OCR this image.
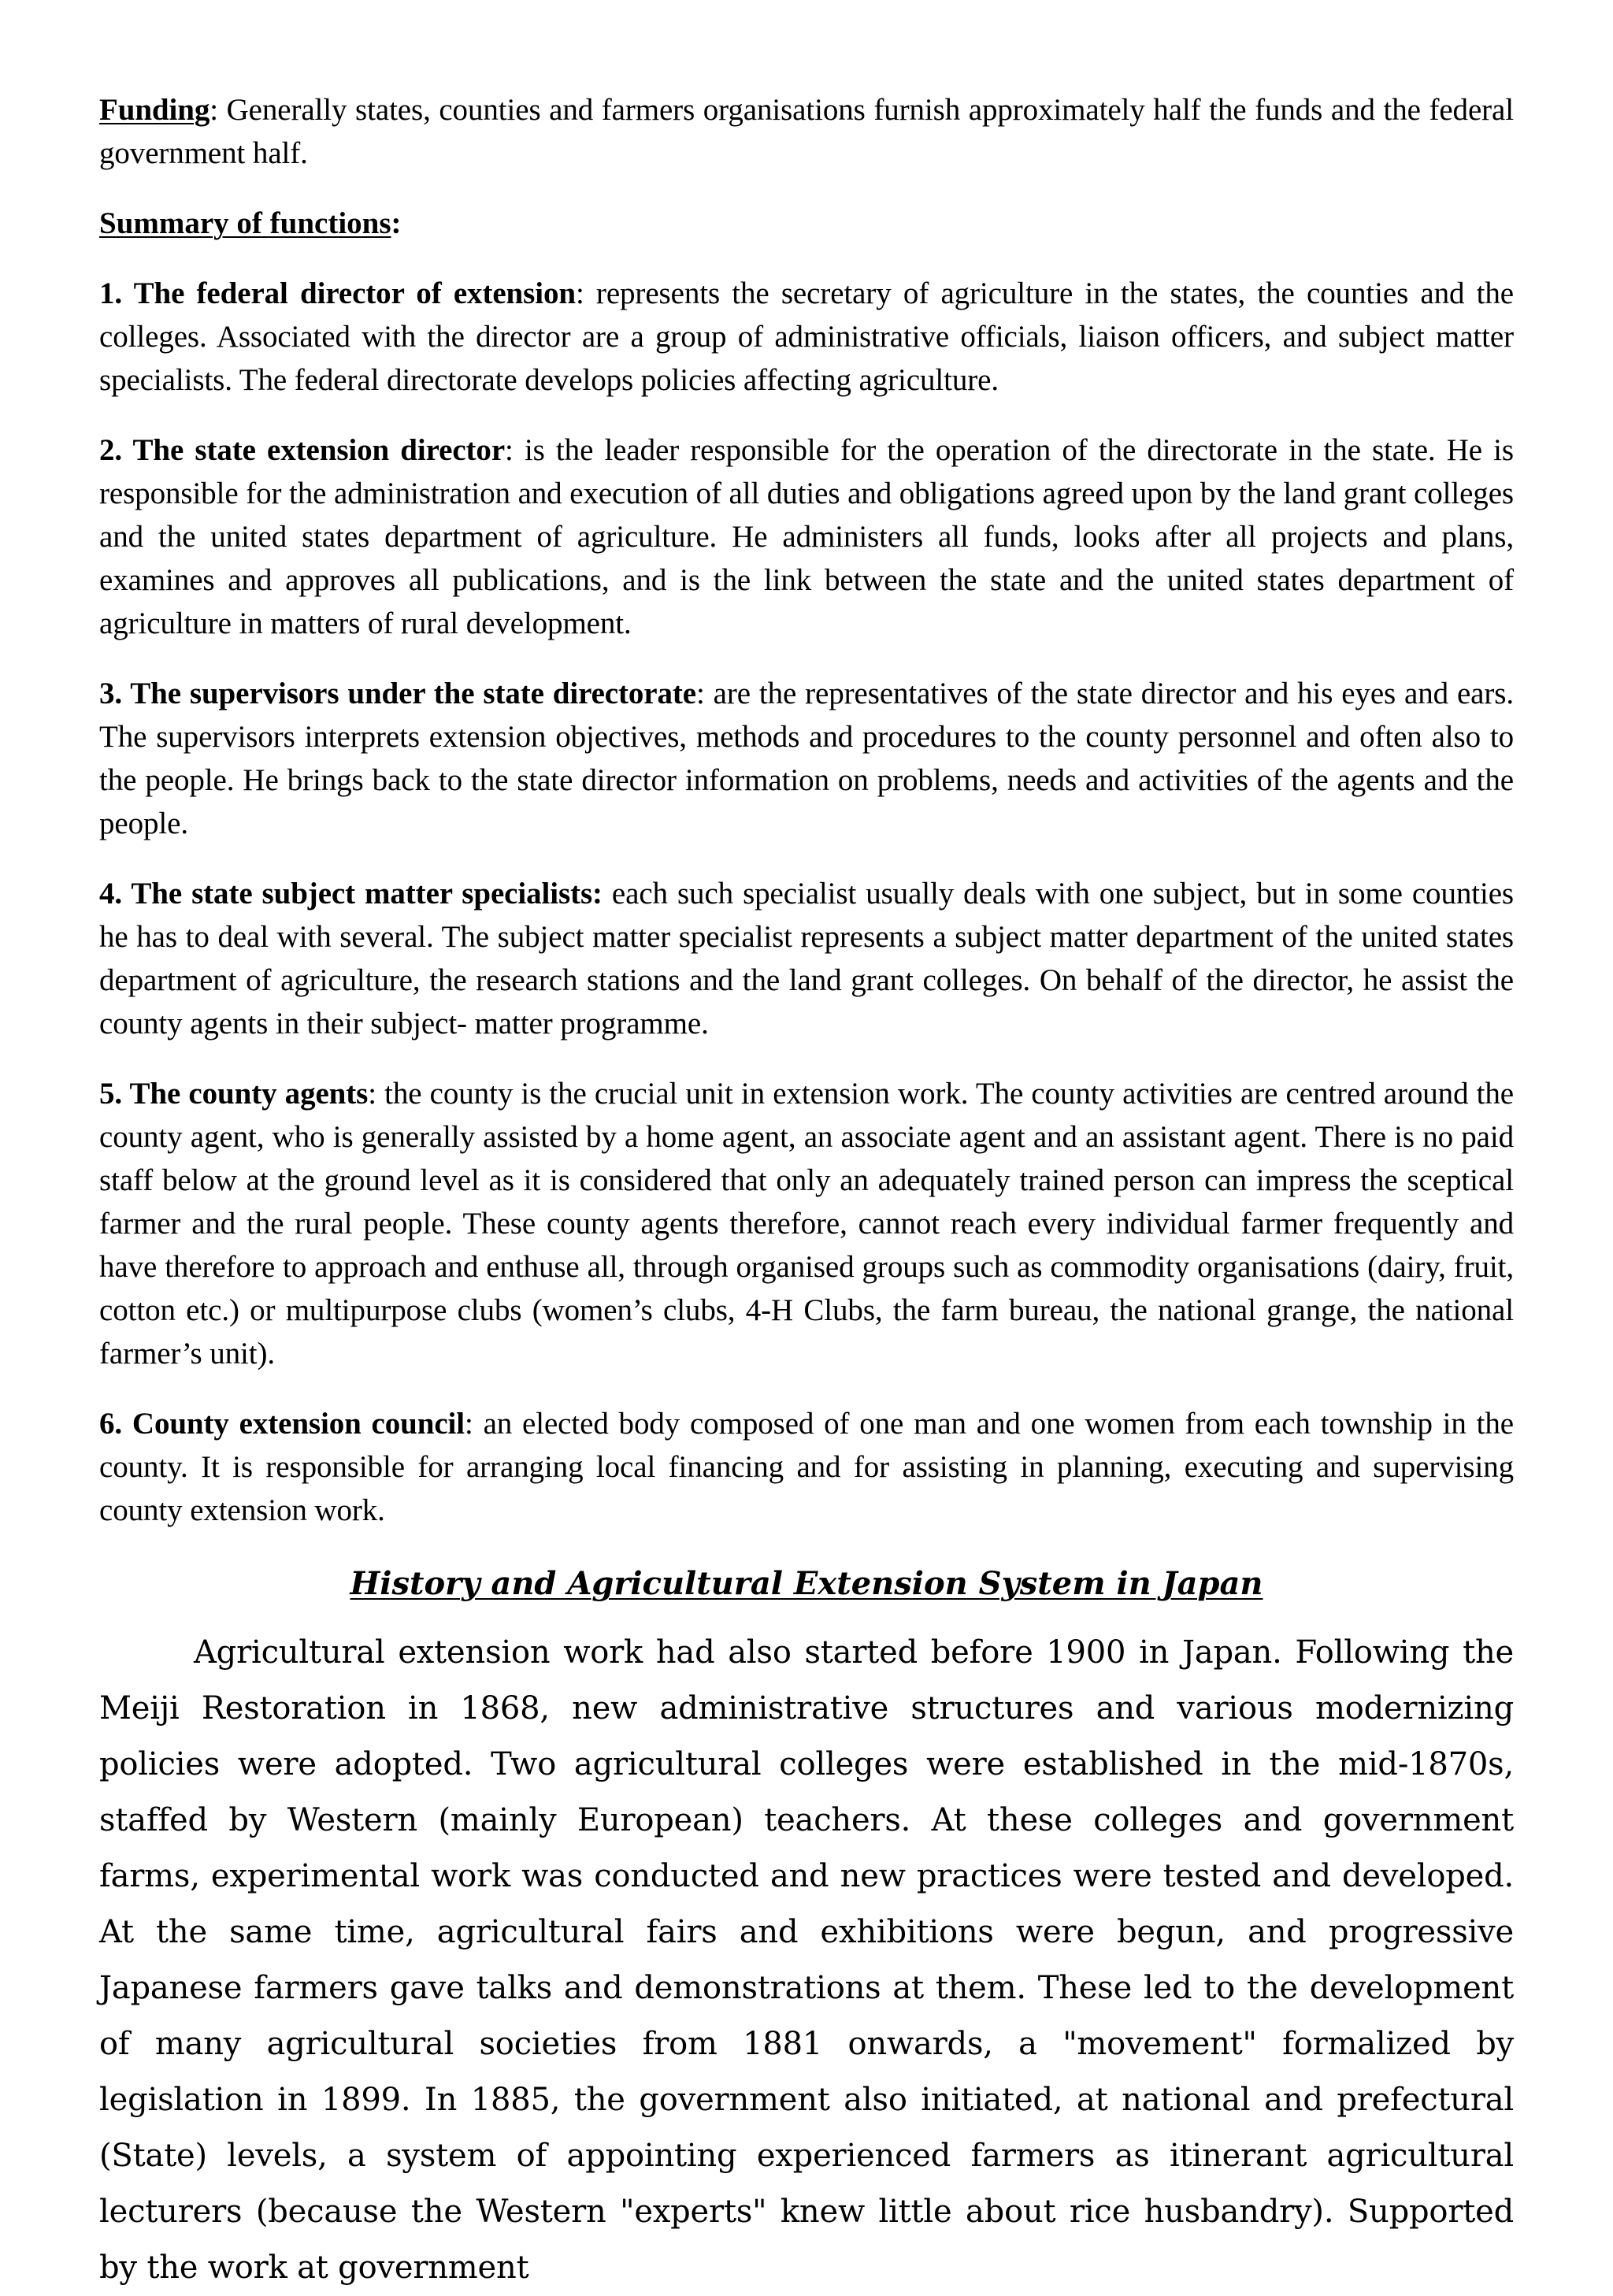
Funding: Generally states, counties and farmers organisations furnish approximately half the funds and the federal government half.

Summary of functions:

1. The federal director of extension: represents the secretary of agriculture in the states, the counties and the colleges. Associated with the director are a group of administrative officials, liaison officers, and subject matter specialists. The federal directorate develops policies affecting agriculture.

2. The state extension director: is the leader responsible for the operation of the directorate in the state. He is responsible for the administration and execution of all duties and obligations agreed upon by the land grant colleges and the united states department of agriculture. He administers all funds, looks after all projects and plans, examines and approves all publications, and is the link between the state and the united states department of agriculture in matters of rural development.

3. The supervisors under the state directorate: are the representatives of the state director and his eyes and ears. The supervisors interprets extension objectives, methods and procedures to the county personnel and often also to the people. He brings back to the state director information on problems, needs and activities of the agents and the people.

4. The state subject matter specialists: each such specialist usually deals with one subject, but in some counties he has to deal with several. The subject matter specialist represents a subject matter department of the united states department of agriculture, the research stations and the land grant colleges. On behalf of the director, he assist the county agents in their subject- matter programme.

5. The county agents: the county is the crucial unit in extension work. The county activities are centred around the county agent, who is generally assisted by a home agent, an associate agent and an assistant agent. There is no paid staff below at the ground level as it is considered that only an adequately trained person can impress the sceptical farmer and the rural people. These county agents therefore, cannot reach every individual farmer frequently and have therefore to approach and enthuse all, through organised groups such as commodity organisations (dairy, fruit, cotton etc.) or multipurpose clubs (women’s clubs, 4-H Clubs, the farm bureau, the national grange, the national farmer’s unit).

6. County extension council: an elected body composed of one man and one women from each township in the county. It is responsible for arranging local financing and for assisting in planning, executing and supervising county extension work.

History and Agricultural Extension System in Japan

Agricultural extension work had also started before 1900 in Japan. Following the Meiji Restoration in 1868, new administrative structures and various modernizing policies were adopted. Two agricultural colleges were established in the mid-1870s, staffed by Western (mainly European) teachers. At these colleges and government farms, experimental work was conducted and new practices were tested and developed. At the same time, agricultural fairs and exhibitions were begun, and progressive Japanese farmers gave talks and demonstrations at them. These led to the development of many agricultural societies from 1881 onwards, a "movement" formalized by legislation in 1899. In 1885, the government also initiated, at national and prefectural (State) levels, a system of appointing experienced farmers as itinerant agricultural lecturers (because the Western "experts" knew little about rice husbandry). Supported by the work at government
